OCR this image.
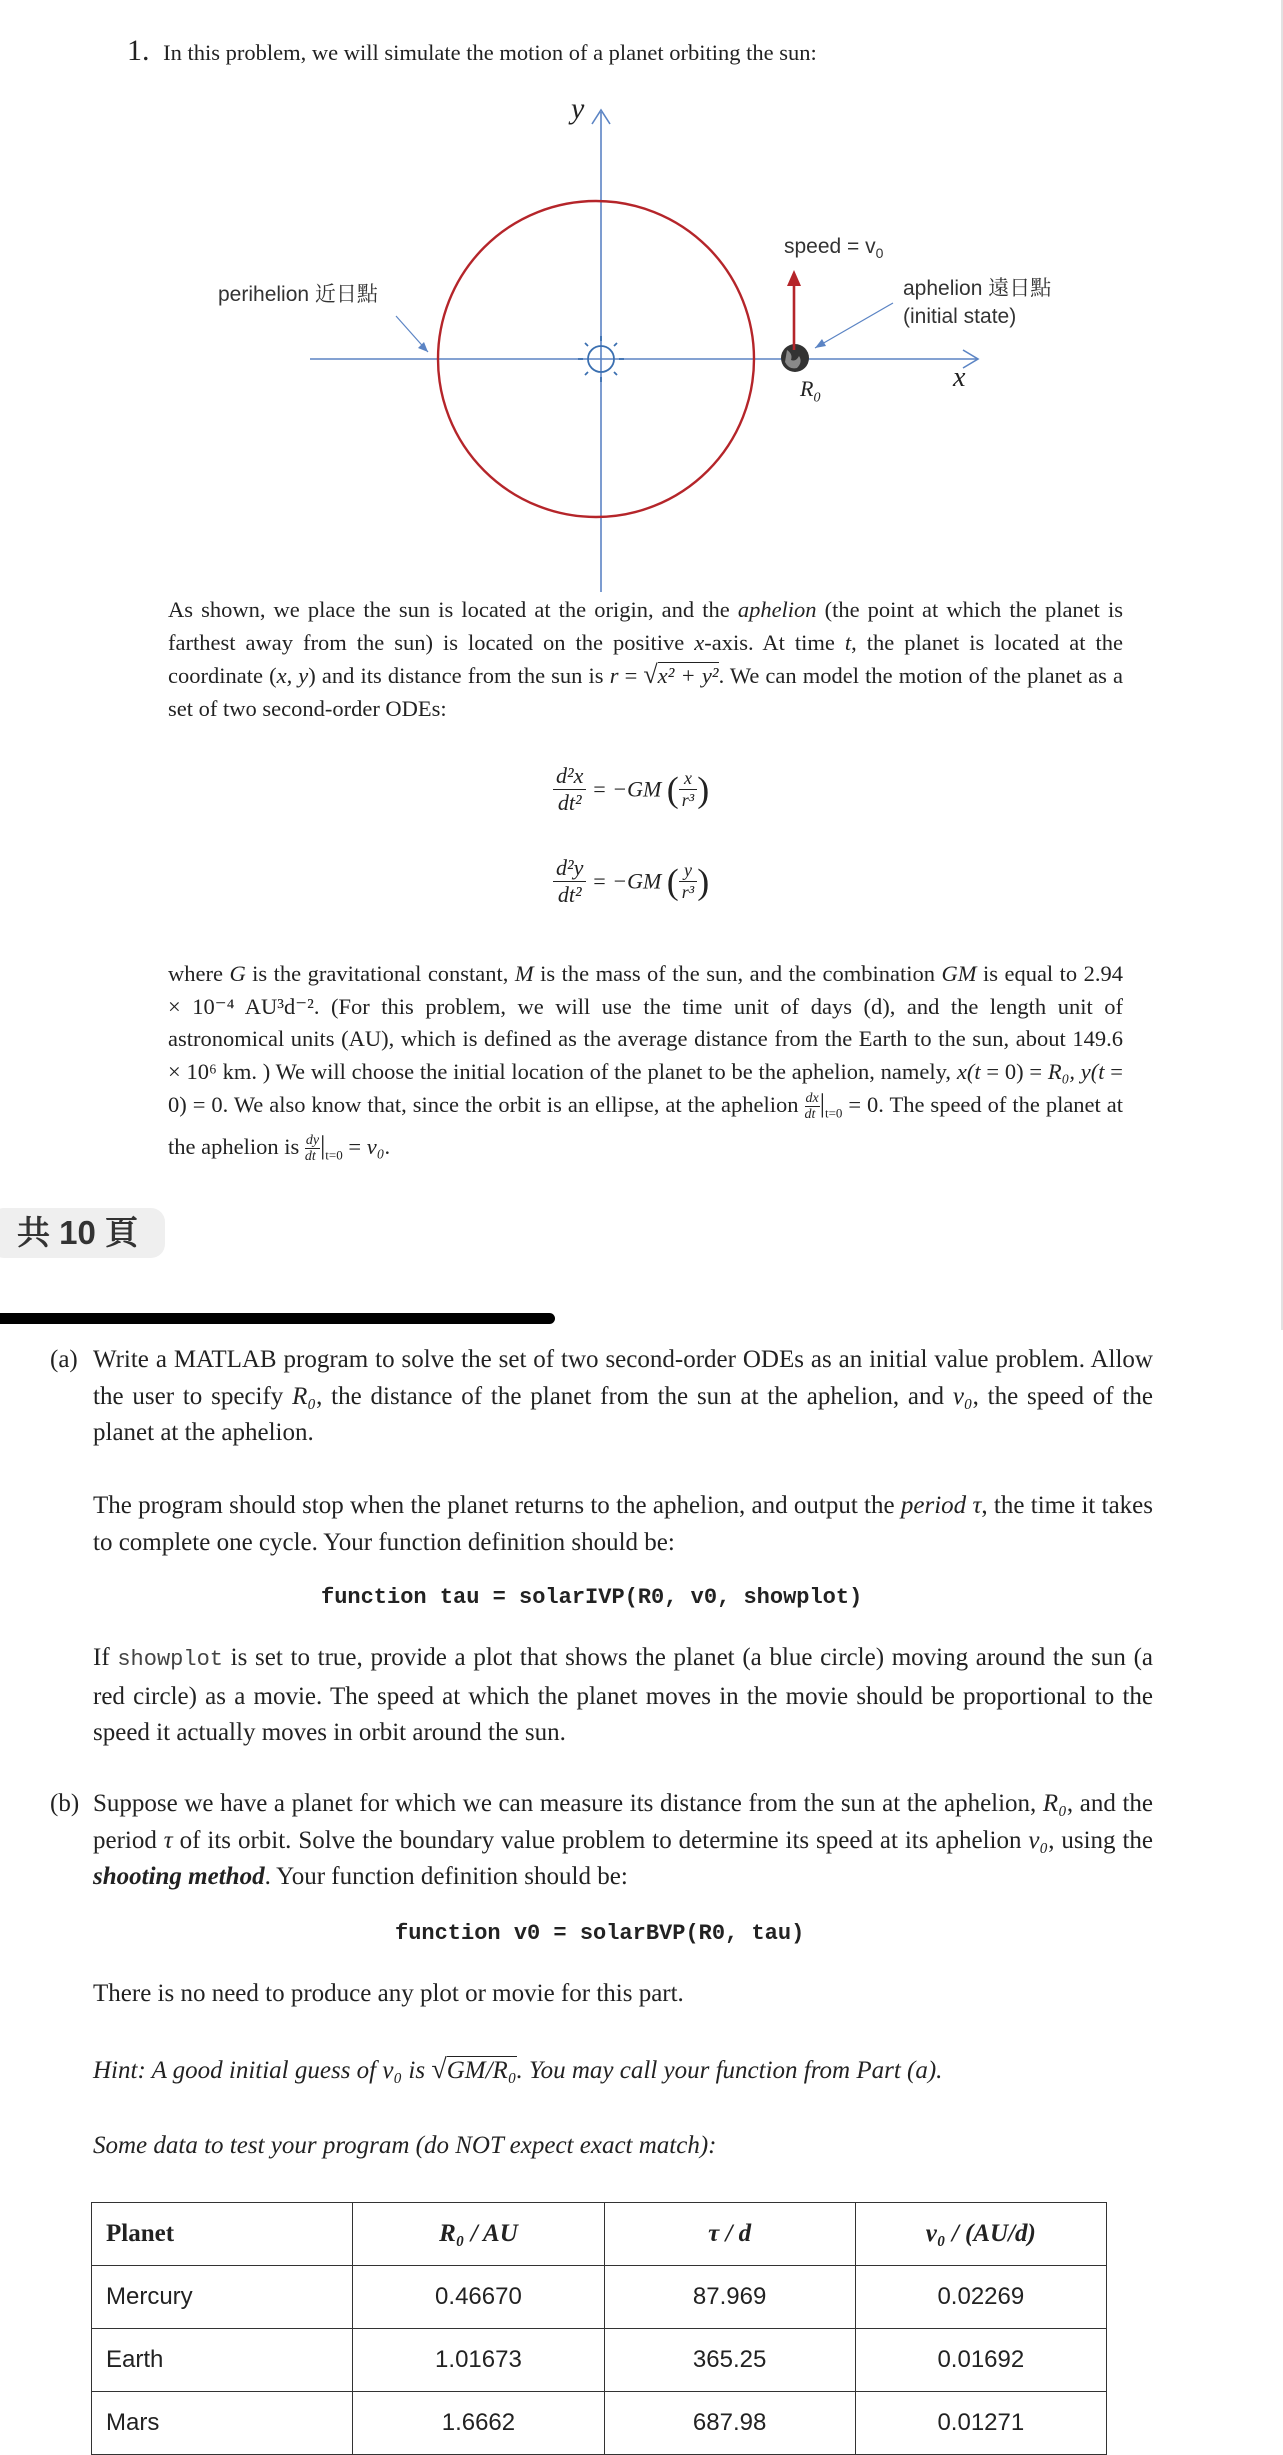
1. In this problem, we will simulate the motion of a planet orbiting the sun:
y
x
speed = $v_0$
perihelion 近日點	aphelion 遠日點
(initial state)
$R_0$
As shown, we place the sun is located at the origin, and the aphelion (the point at which the planet is farthest away from the sun) is located on the positive x-axis. At time t, the planet is located at the coordinate (x, y) and its distance from the sun is r = √x² + y². We can model the motion of the planet as a set of two second-order ODEs:
$\frac{\text{d²x}}{\text{dt²}} = -GM$ ( $\frac{x}{\text{r³}}$ )
$\frac{\text{d²y}}{\text{dt²}} = -GM$ ( $\frac{y}{\text{r³}}$ )
where G is the gravitational constant, M is the mass of the sun, and the combination GM is equal to 2.94 × 10⁻⁴ AU³d⁻². (For this problem, we will use the time unit of days (d), and the length unit of astronomical units (AU), which is defined as the average distance from the Earth to the sun, about 149.6 × 10⁶ km. ) We will choose the initial location of the planet to be the aphelion, namely, x(t = 0) = R₀, y(t = 0) = 0. We also know that, since the orbit is an ellipse, at the aphelion $\frac{dx}{dt}|_{t=0} = 0$. The speed of the planet at the aphelion is $\frac{dy}{dt}|_{t=0} = v_0$.
共 10 頁
(a) Write a MATLAB program to solve the set of two second-order ODEs as an initial value problem. Allow the user to specify R₀, the distance of the planet from the sun at the aphelion, and v₀, the speed of the planet at the aphelion.
The program should stop when the planet returns to the aphelion, and output the period τ, the time it takes to complete one cycle. Your function definition should be:
function tau = solarIVP(R0, v0, showplot)
If showplot is set to true, provide a plot that shows the planet (a blue circle) moving around the sun (a red circle) as a movie. The speed at which the planet moves in the movie should be proportional to the speed it actually moves in orbit around the sun.
(b) Suppose we have a planet for which we can measure its distance from the sun at the aphelion, R₀, and the period τ of its orbit. Solve the boundary value problem to determine its speed at its aphelion v₀, using the shooting method. Your function definition should be:
function v0 = solarBVP(R0, tau)
There is no need to produce any plot or movie for this part.
Hint: A good initial guess of v₀ is √GM/R₀. You may call your function from Part (a).
Some data to test your program (do NOT expect exact match):
Planet	R₀ / AU	τ / d	v₀ / (AU/d)
Mercury	0.46670	87.969	0.02269
Earth	1.01673	365.25	0.01692
Mars	1.6662	687.98	0.01271
